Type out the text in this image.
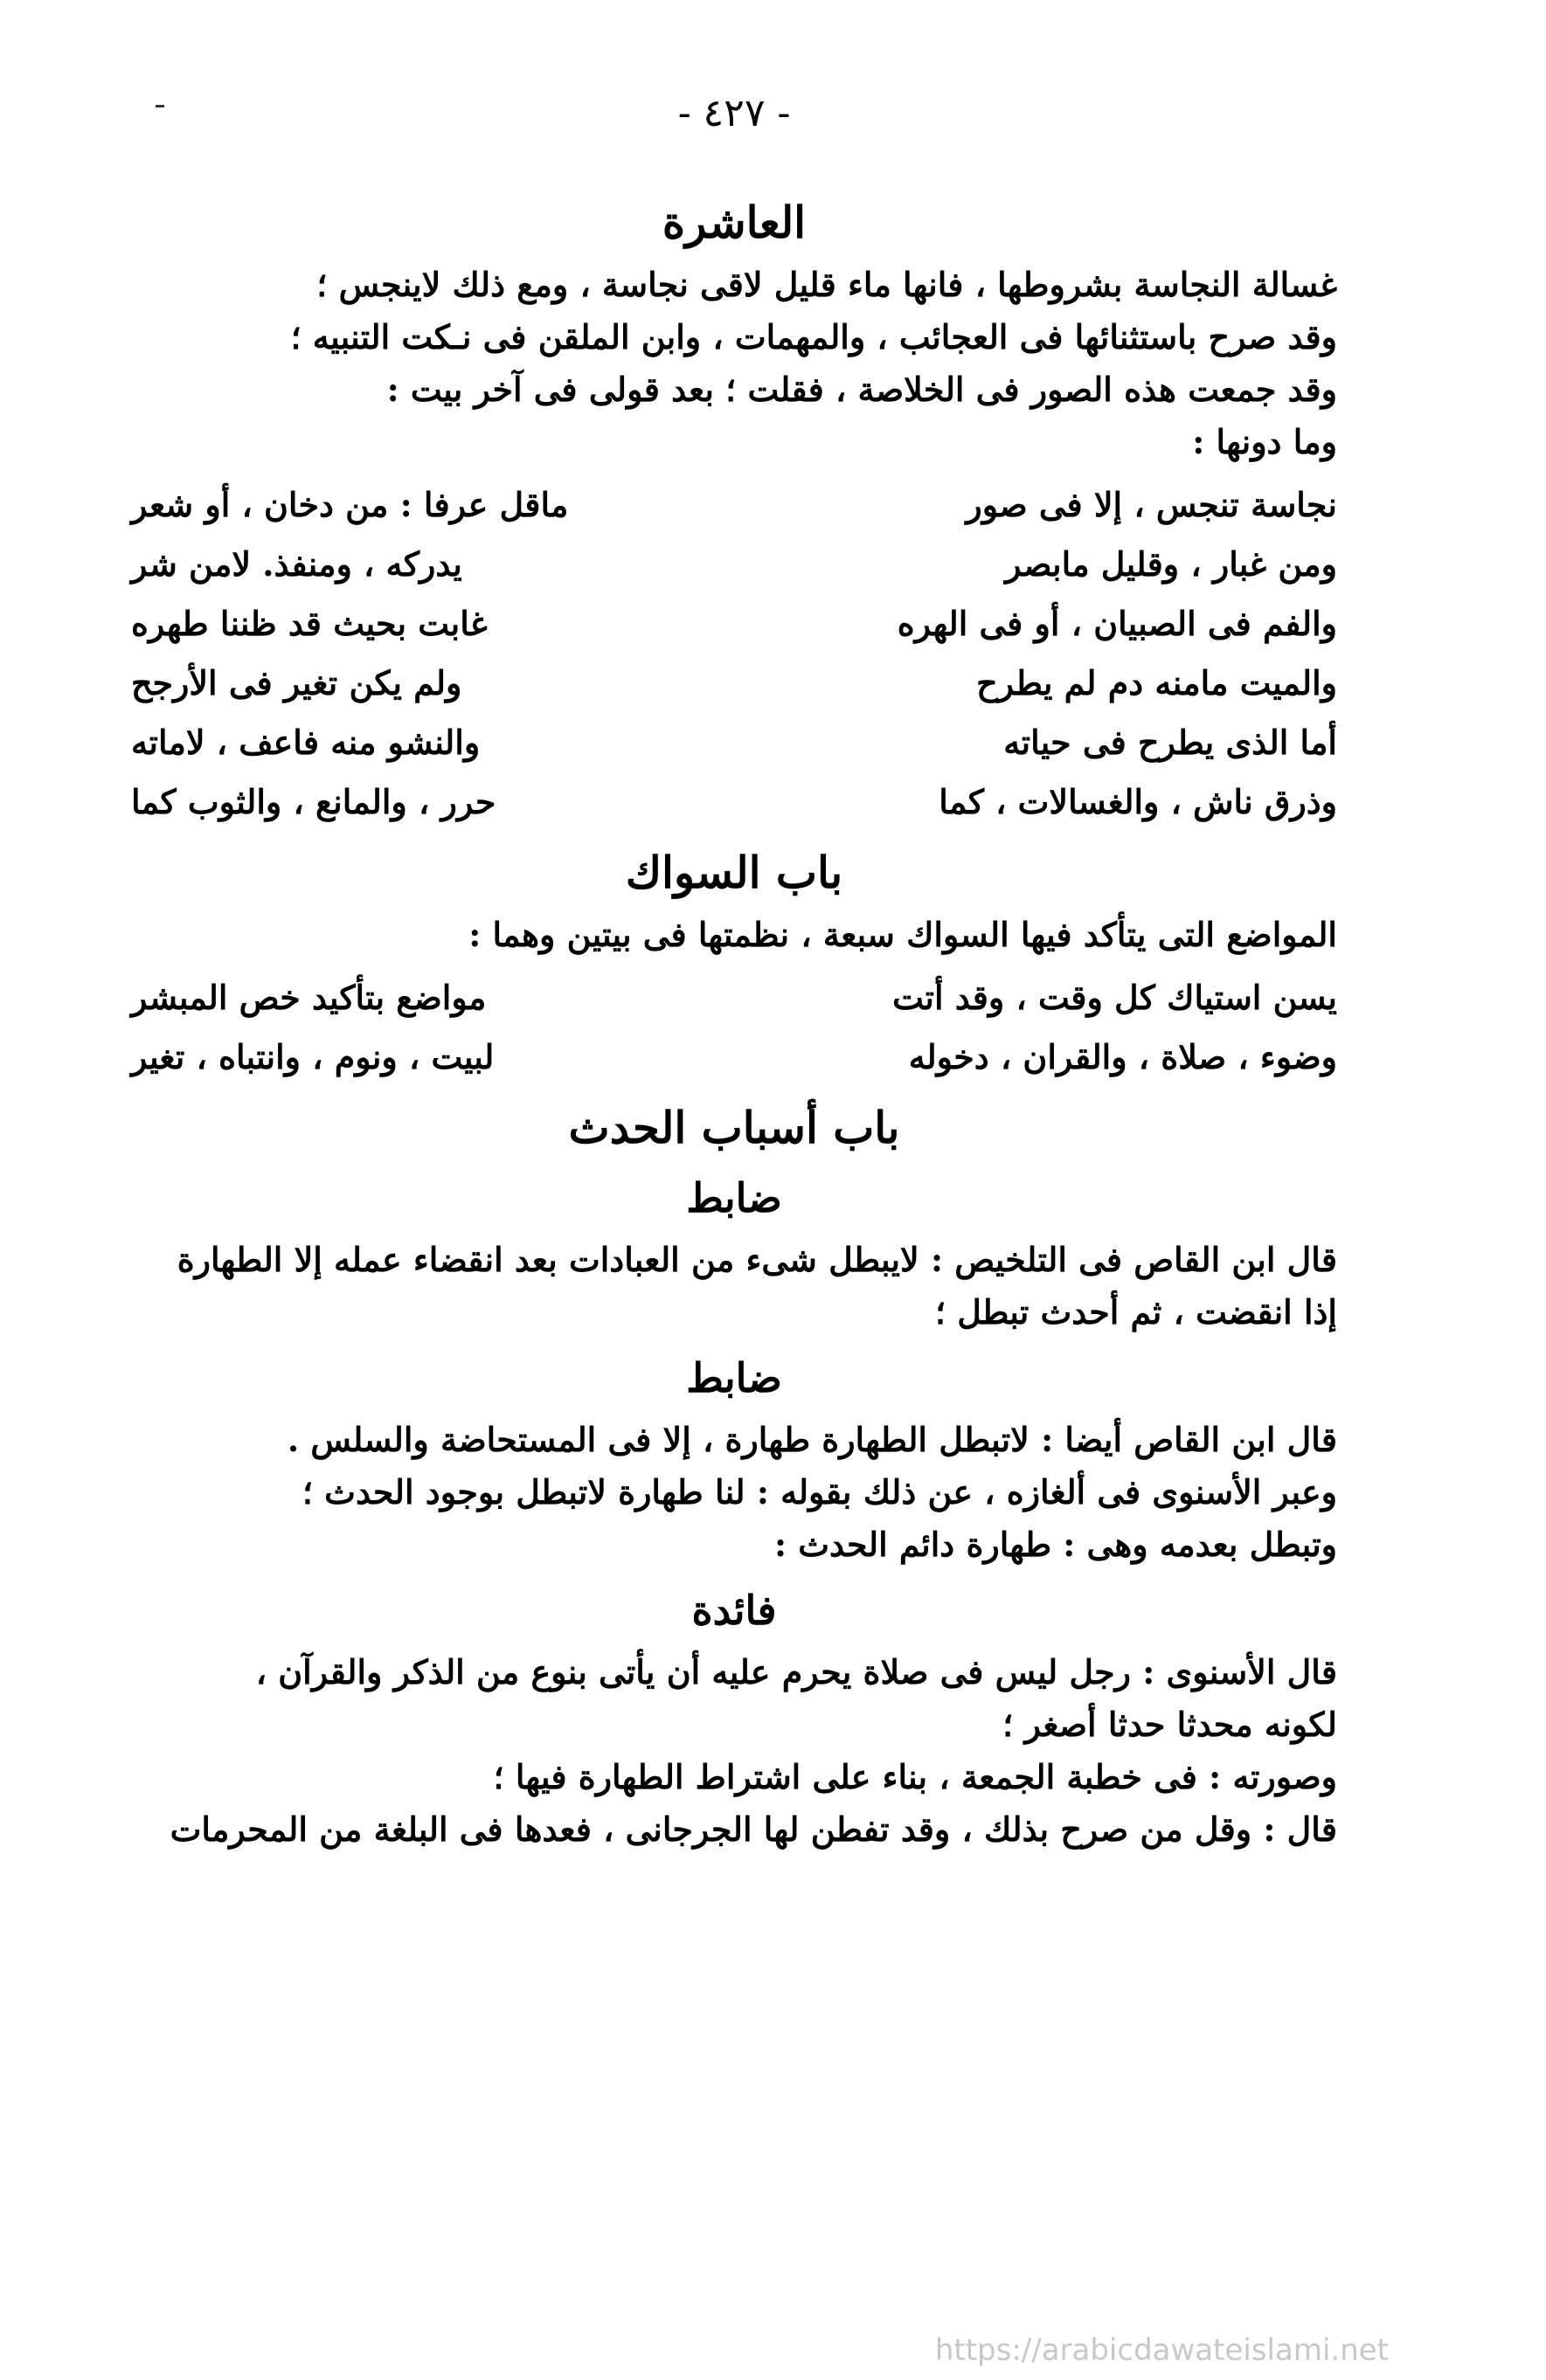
- ٤٢٧ -
العاشرة

غسالة النجاسة بشروطها ، فانها ماء قليل لاقى نجاسة ، ومع ذلك لاينجس ؛

وقد صرح باستثنائها فى العجائب ، والمهمات ، وابن الملقن فى نـكت التنبيه ؛

وقد جمعت هذه الصور فى الخلاصة ، فقلت ؛ بعد قولى فى آخر بيت :

وما دونها :

نجاسة تنجس ، إلا فى صور	ماقل عرفا : من دخان ، أو شعر
ومن غبار ، وقليل مابصر	يدركه ، ومنفذ. لامن شر
والفم فى الصبيان ، أو فى الهره	غابت بحيث قد ظننا طهره
والميت مامنه دم لم يطرح	ولم يكن تغير فى الأرجح
أما الذى يطرح فى حياته	والنشو منه فاعف ، لاماته
وذرق ناش ، والغسالات ، كما	حرر ، والمانع ، والثوب كما
باب السواك

المواضع التى يتأكد فيها السواك سبعة ، نظمتها فى بيتين وهما :

يسن استياك كل وقت ، وقد أتت	مواضع بتأكيد خص المبشر
وضوء ، صلاة ، والقران ، دخوله	لبيت ، ونوم ، وانتباه ، تغير
باب أسباب الحدث
ضابط

قال ابن القاص فى التلخيص : لايبطل شىء من العبادات بعد انقضاء عمله إلا الطهارة

إذا انقضت ، ثم أحدث تبطل ؛

ضابط

قال ابن القاص أيضا : لاتبطل الطهارة طهارة ، إلا فى المستحاضة والسلس .

وعبر الأسنوى فى ألغازه ، عن ذلك بقوله : لنا طهارة لاتبطل بوجود الحدث ؛

وتبطل بعدمه وهى : طهارة دائم الحدث :

فائدة

قال الأسنوى : رجل ليس فى صلاة يحرم عليه أن يأتى بنوع من الذكر والقرآن ،

لكونه محدثا حدثا أصغر ؛

وصورته : فى خطبة الجمعة ، بناء على اشتراط الطهارة فيها ؛

قال : وقل من صرح بذلك ، وقد تفطن لها الجرجانى ، فعدها فى البلغة من المحرمات

https://arabicdawateislami.net
